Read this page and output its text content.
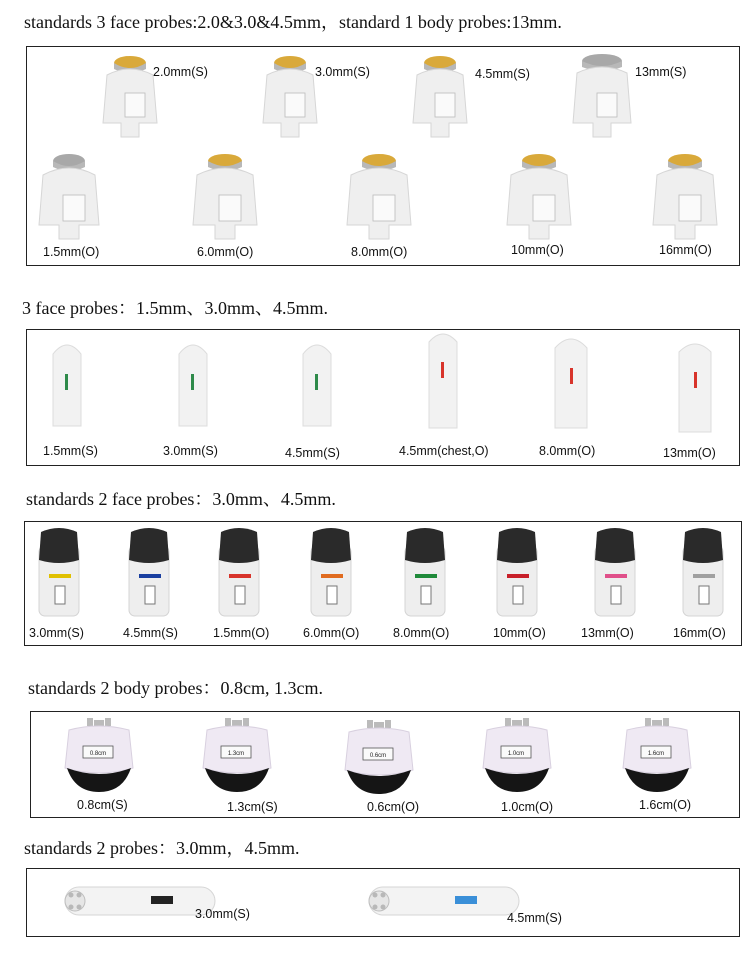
standards 3 face probes:2.0&3.0&4.5mm，standard 1 body probes:13mm.
2.0mm(S)	3.0mm(S)	4.5mm(S)	13mm(S)
1.5mm(O)	6.0mm(O)	8.0mm(O)	10mm(O)	16mm(O)
3 face probes：1.5mm、3.0mm、4.5mm.
1.5mm(S)	3.0mm(S)	4.5mm(S)	4.5mm(chest,O)	8.0mm(O)	13mm(O)
standards 2 face probes：3.0mm、4.5mm.
3.0mm(S)	4.5mm(S)	1.5mm(O)	6.0mm(O)	8.0mm(O)	10mm(O)	13mm(O)	16mm(O)
standards 2 body probes：0.8cm, 1.3cm.
0.8cm
0.8cm(S)
1.3cm
1.3cm(S)
0.6cm
0.6cm(O)
1.0cm
1.0cm(O)
1.6cm
1.6cm(O)
standards 2 probes：3.0mm，4.5mm.
3.0mm(S)	4.5mm(S)
